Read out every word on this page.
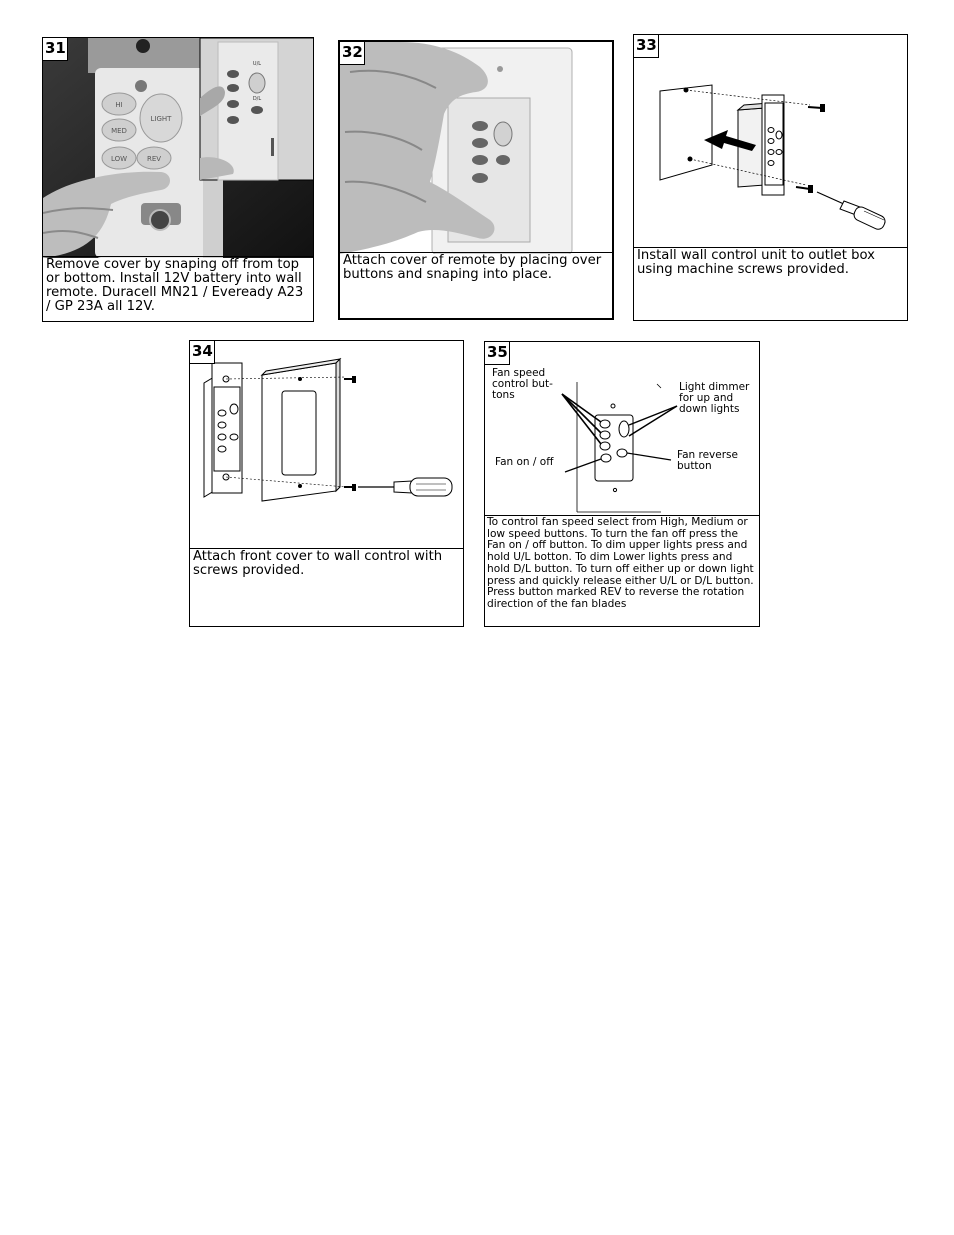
31
HI
MED
LOW
LIGHT
REV
U/L
D/L
Remove cover by snaping off from top or bottom. Install 12V battery into wall remote. Duracell MN21 / Eveready A23 / GP 23A all 12V.
32
Attach cover of remote by placing over buttons and snaping into place.
33
Install wall control unit to outlet box using machine screws provided.
34
Attach front cover to wall control with screws provided.
35
Fan speed control but- tons
Fan on / off
Light dimmer for up and down lights
Fan reverse button
To control fan speed select from High, Medium or low speed buttons. To turn the fan off press the Fan on / off button. To dim upper lights press and hold U/L botton. To dim Lower lights press and hold D/L button. To turn off either up or down light press and quickly release either U/L or D/L button. Press button marked REV to reverse the rotation direction of the fan blades
